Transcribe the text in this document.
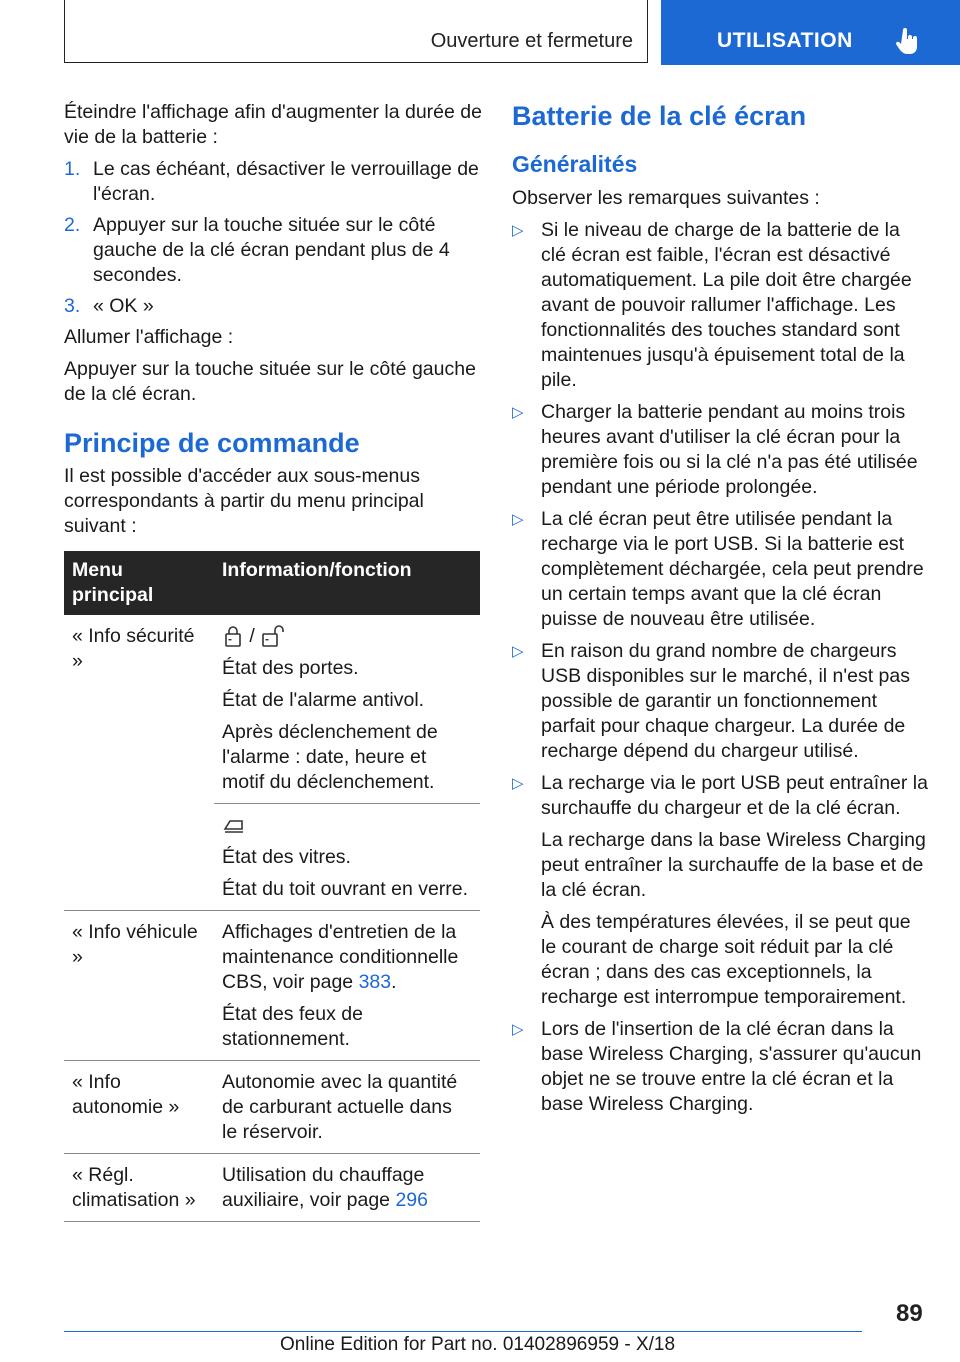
Ouverture et fermeture	UTILISATION

Éteindre l'affichage afin d'augmenter la durée de vie de la batterie :

1. Le cas échéant, désactiver le verrouillage de l'écran.
2. Appuyer sur la touche située sur le côté gauche de la clé écran pendant plus de 4 secondes.
3. « OK »

Allumer l'affichage :

Appuyer sur la touche située sur le côté gauche de la clé écran.

Principe de commande

Il est possible d'accéder aux sous-menus correspondants à partir du menu principal suivant :

Menu principal	Information/fonction
« Info sécurité »	/

État des portes.

État de l'alarme antivol.

Après déclenchement de l'alarme : date, heure et motif du déclenchement.

	État des vitres.

État du toit ouvrant en verre.

« Info véhicule »	Affichages d'entretien de la maintenance conditionnelle CBS, voir page 383.

État des feux de stationnement.

« Info autonomie »	Autonomie avec la quantité de carburant actuelle dans le réservoir.
« Régl. climatisation »	Utilisation du chauffage auxiliaire, voir page 296
Batterie de la clé écran
Généralités

Observer les remarques suivantes :

▷ Si le niveau de charge de la batterie de la clé écran est faible, l'écran est désactivé automatiquement. La pile doit être chargée avant de pouvoir rallumer l'affichage. Les fonctionnalités des touches standard sont maintenues jusqu'à épuisement total de la pile.
▷ Charger la batterie pendant au moins trois heures avant d'utiliser la clé écran pour la première fois ou si la clé n'a pas été utilisée pendant une période prolongée.
▷ La clé écran peut être utilisée pendant la recharge via le port USB. Si la batterie est complètement déchargée, cela peut prendre un certain temps avant que la clé écran puisse de nouveau être utilisée.
▷ En raison du grand nombre de chargeurs USB disponibles sur le marché, il n'est pas possible de garantir un fonctionnement parfait pour chaque chargeur. La durée de recharge dépend du chargeur utilisé.
▷ La recharge via le port USB peut entraîner la surchauffe du chargeur et de la clé écran.

La recharge dans la base Wireless Charging peut entraîner la surchauffe de la base et de la clé écran.

À des températures élevées, il se peut que le courant de charge soit réduit par la clé écran ; dans des cas exceptionnels, la recharge est interrompue temporairement.

▷ Lors de l'insertion de la clé écran dans la base Wireless Charging, s'assurer qu'aucun objet ne se trouve entre la clé écran et la base Wireless Charging.
89
Online Edition for Part no. 01402896959 - X/18
